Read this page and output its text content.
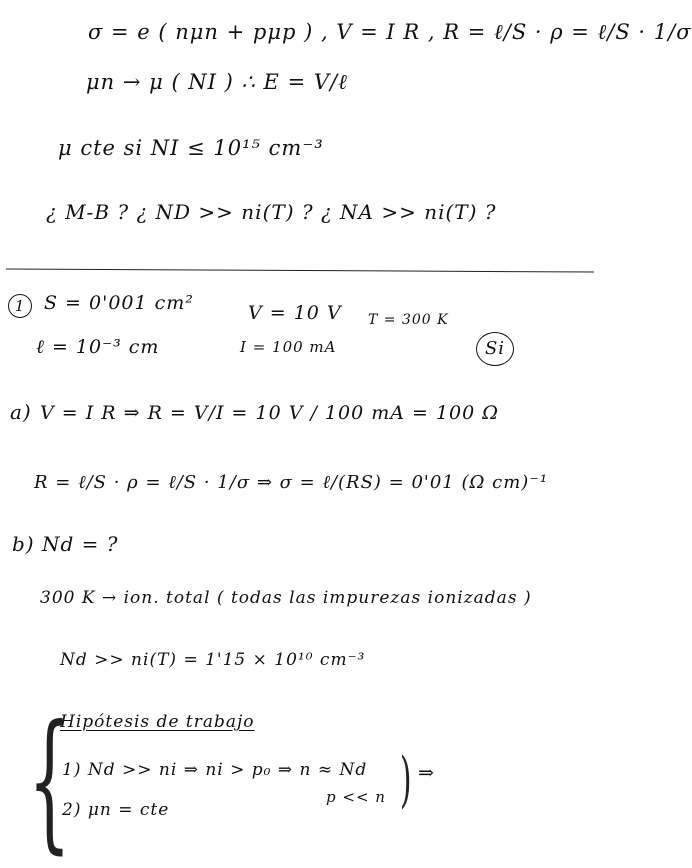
σ = e ( nμn + pμp ) , V = I R , R = ℓ/S · ρ = ℓ/S · 1/σ
μn → μ ( NI ) ∴ E = V/ℓ
μ cte si NI ≤ 10¹⁵ cm⁻³
¿ M-B ? ¿ ND >> ni(T) ? ¿ NA >> ni(T) ?
1 S = 0'001 cm²	V = 10 V T = 300 K
ℓ = 10⁻³ cm	I = 100 mA	Si
a) V = I R ⇒ R = V/I = 10 V / 100 mA = 100 Ω
R = ℓ/S · ρ = ℓ/S · 1/σ ⇒ σ = ℓ/(RS) = 0'01 (Ω cm)⁻¹
b) Nd = ?
300 K → ion. total ( todas las impurezas ionizadas )
Nd >> ni(T) = 1'15 × 10¹⁰ cm⁻³
{
Hipótesis de trabajo
1) Nd >> ni ⇒ ni > p₀ ⇒ n ≈ Nd
p << n ) ⇒
2) μn = cte
